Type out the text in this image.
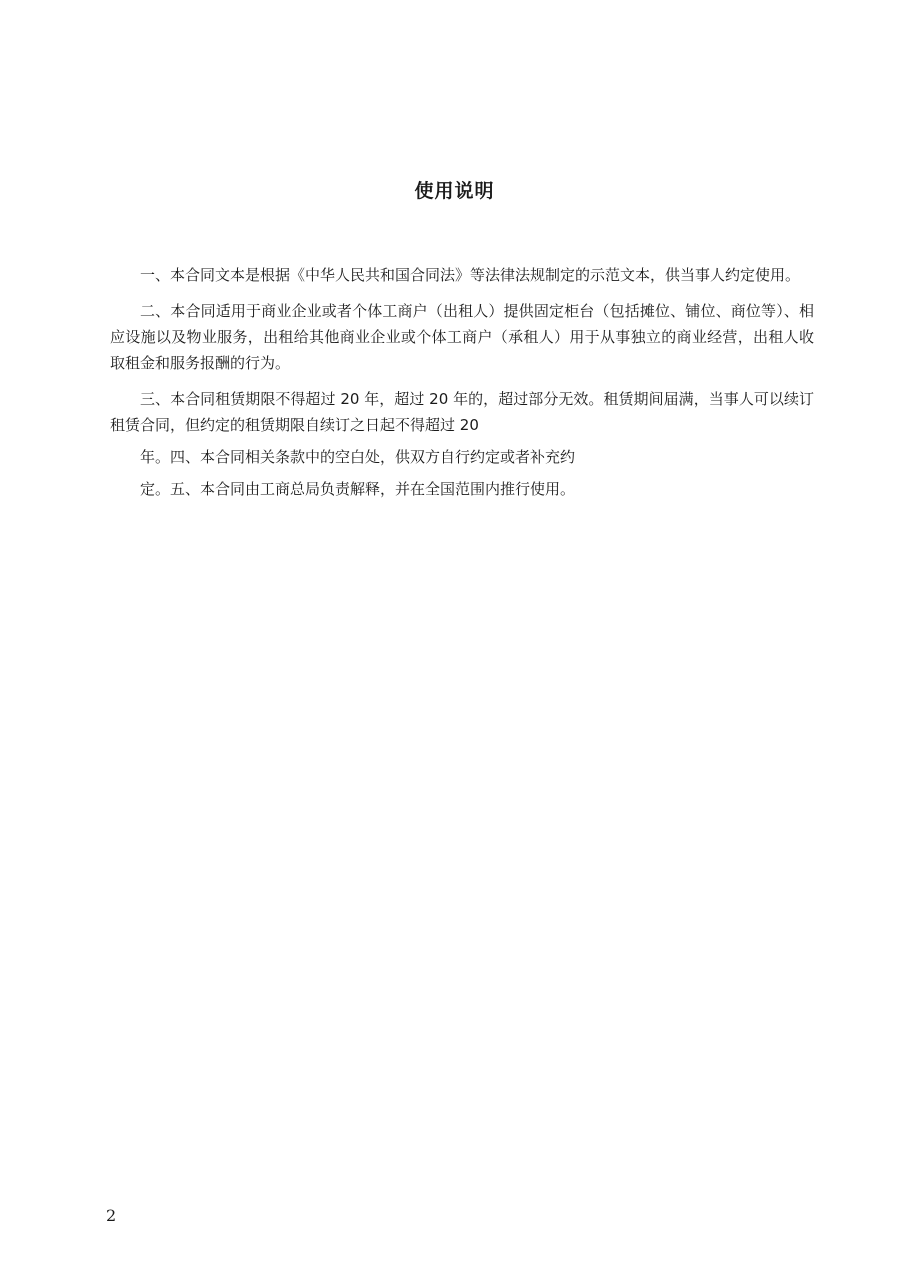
使用说明

一、本合同文本是根据《中华人民共和国合同法》等法律法规制定的示范文本，供当事人约定使用。

二、本合同适用于商业企业或者个体工商户（出租人）提供固定柜台（包括摊位、铺位、商位等）、相应设施以及物业服务，出租给其他商业企业或个体工商户（承租人）用于从事独立的商业经营，出租人收取租金和服务报酬的行为。

三、本合同租赁期限不得超过 20 年，超过 20 年的，超过部分无效。租赁期间届满，当事人可以续订租赁合同，但约定的租赁期限自续订之日起不得超过 20

年。四、本合同相关条款中的空白处，供双方自行约定或者补充约

定。五、本合同由工商总局负责解释，并在全国范围内推行使用。

2
